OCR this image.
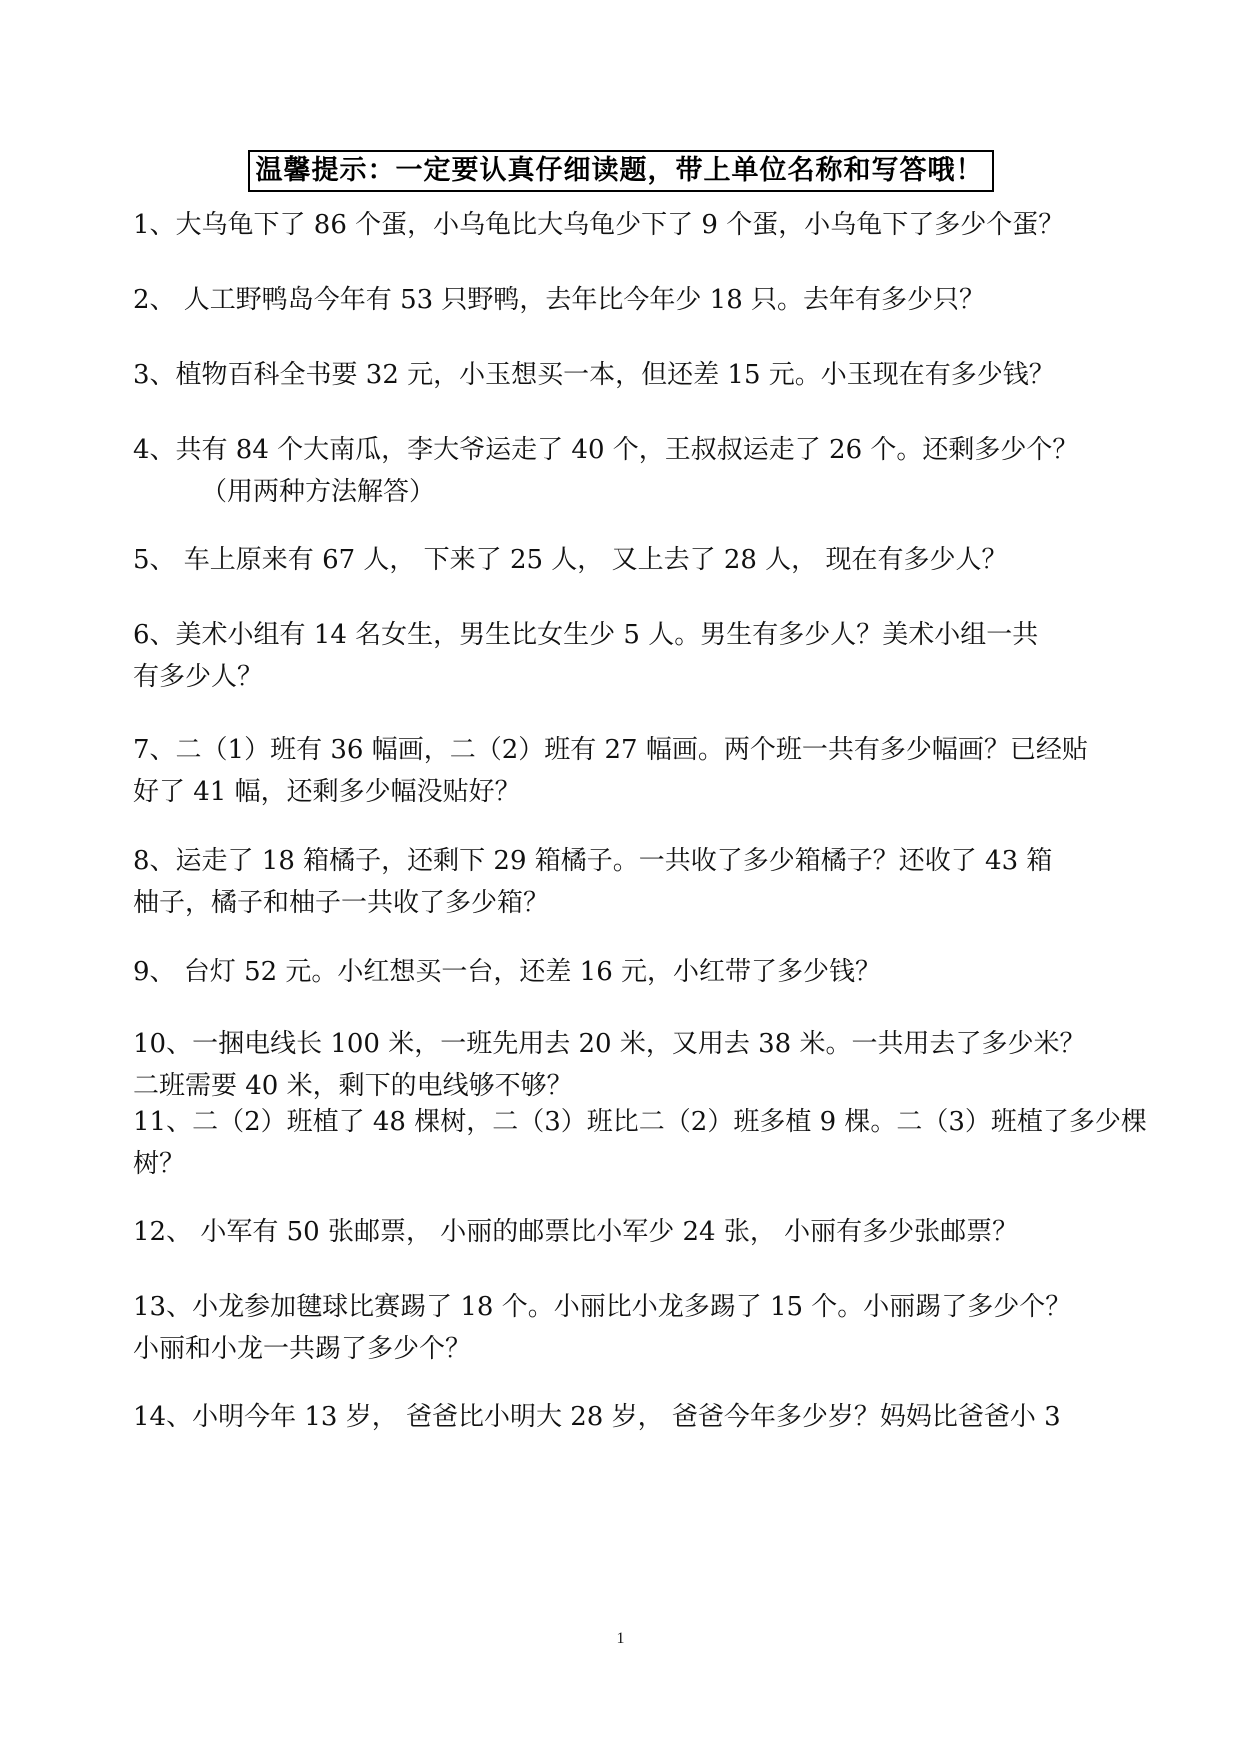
温馨提示：一定要认真仔细读题，带上单位名称和写答哦！
1、大乌龟下了 86 个蛋，小乌龟比大乌龟少下了 9 个蛋，小乌龟下了多少个蛋？
2、 人工野鸭岛今年有 53 只野鸭，去年比今年少 18 只。去年有多少只？
3、植物百科全书要 32 元，小玉想买一本，但还差 15 元。小玉现在有多少钱？
4、共有 84 个大南瓜，李大爷运走了 40 个，王叔叔运走了 26 个。还剩多少个？
（用两种方法解答）
5、 车上原来有 67 人， 下来了 25 人， 又上去了 28 人， 现在有多少人？
6、美术小组有 14 名女生，男生比女生少 5 人。男生有多少人？美术小组一共
有多少人？
7、二（1）班有 36 幅画，二（2）班有 27 幅画。两个班一共有多少幅画？已经贴
好了 41 幅，还剩多少幅没贴好？
8、运走了 18 箱橘子，还剩下 29 箱橘子。一共收了多少箱橘子？还收了 43 箱
柚子，橘子和柚子一共收了多少箱？
9、 台灯 52 元。小红想买一台，还差 16 元，小红带了多少钱？
10、一捆电线长 100 米，一班先用去 20 米，又用去 38 米。一共用去了多少米？
二班需要 40 米，剩下的电线够不够？
11、二（2）班植了 48 棵树，二（3）班比二（2）班多植 9 棵。二（3）班植了多少棵
树？
12、 小军有 50 张邮票， 小丽的邮票比小军少 24 张， 小丽有多少张邮票？
13、小龙参加毽球比赛踢了 18 个。小丽比小龙多踢了 15 个。小丽踢了多少个？
小丽和小龙一共踢了多少个？
14、小明今年 13 岁， 爸爸比小明大 28 岁， 爸爸今年多少岁？妈妈比爸爸小 3
1
